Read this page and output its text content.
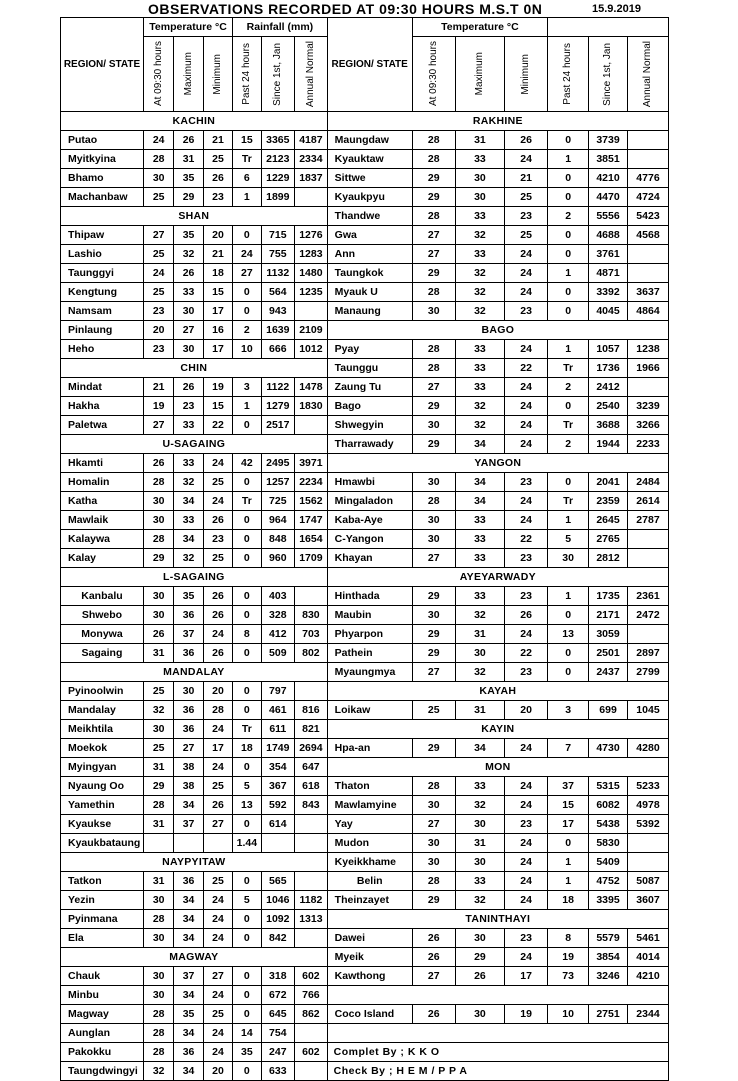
OBSERVATIONS RECORDED AT 09:30 HOURS M.S.T 0N	15.9.2019
REGION/ STATE	Temperature °C			Rainfall (mm)			REGION/ STATE	Temperature °C					

	At 09:30 hours	Maximum	Minimum	Past 24 hours	Since 1st, Jan	Annual Normal		At 09:30 hours	Maximum	Minimum	Past 24 hours	Since 1st, Jan	Annual Normal

KACHIN							RAKHINE						
Putao	24	26	21	15	3365	4187	Maungdaw	28	31	26	0	3739	
Myitkyina	28	31	25	Tr	2123	2334	Kyauktaw	28	33	24	1	3851	
Bhamo	30	35	26	6	1229	1837	Sittwe	29	30	21	0	4210	4776
Machanbaw	25	29	23	1	1899		Kyaukpyu	29	30	25	0	4470	4724
SHAN							Thandwe	28	33	23	2	5556	5423
Thipaw	27	35	20	0	715	1276	Gwa	27	32	25	0	4688	4568
Lashio	25	32	21	24	755	1283	Ann	27	33	24	0	3761	
Taunggyi	24	26	18	27	1132	1480	Taungkok	29	32	24	1	4871	
Kengtung	25	33	15	0	564	1235	Myauk U	28	32	24	0	3392	3637
Namsam	23	30	17	0	943		Manaung	30	32	23	0	4045	4864
Pinlaung	20	27	16	2	1639	2109	BAGO						
Heho	23	30	17	10	666	1012	Pyay	28	33	24	1	1057	1238
CHIN							Taunggu	28	33	22	Tr	1736	1966
Mindat	21	26	19	3	1122	1478	Zaung Tu	27	33	24	2	2412	
Hakha	19	23	15	1	1279	1830	Bago	29	32	24	0	2540	3239
Paletwa	27	33	22	0	2517		Shwegyin	30	32	24	Tr	3688	3266
U-SAGAING							Tharrawady	29	34	24	2	1944	2233
Hkamti	26	33	24	42	2495	3971	YANGON						
Homalin	28	32	25	0	1257	2234	Hmawbi	30	34	23	0	2041	2484
Katha	30	34	24	Tr	725	1562	Mingaladon	28	34	24	Tr	2359	2614
Mawlaik	30	33	26	0	964	1747	Kaba-Aye	30	33	24	1	2645	2787
Kalaywa	28	34	23	0	848	1654	C-Yangon	30	33	22	5	2765	
Kalay	29	32	25	0	960	1709	Khayan	27	33	23	30	2812	
L-SAGAING							AYEYARWADY						
Kanbalu	30	35	26	0	403		Hinthada	29	33	23	1	1735	2361
Shwebo	30	36	26	0	328	830	Maubin	30	32	26	0	2171	2472
Monywa	26	37	24	8	412	703	Phyarpon	29	31	24	13	3059	
Sagaing	31	36	26	0	509	802	Pathein	29	30	22	0	2501	2897
MANDALAY							Myaungmya	27	32	23	0	2437	2799
Pyinoolwin	25	30	20	0	797		KAYAH						
Mandalay	32	36	28	0	461	816	Loikaw	25	31	20	3	699	1045
Meikhtila	30	36	24	Tr	611	821	KAYIN						
Moekok	25	27	17	18	1749	2694	Hpa-an	29	34	24	7	4730	4280
Myingyan	31	38	24	0	354	647	MON						
Nyaung Oo	29	38	25	5	367	618	Thaton	28	33	24	37	5315	5233
Yamethin	28	34	26	13	592	843	Mawlamyine	30	32	24	15	6082	4978
Kyaukse	31	37	27	0	614		Yay	27	30	23	17	5438	5392
Kyaukbataung				1.44			Mudon	30	31	24	0	5830	
NAYPYITAW							Kyeikkhame	30	30	24	1	5409	
Tatkon	31	36	25	0	565		Belin	28	33	24	1	4752	5087
Yezin	30	34	24	5	1046	1182	Theinzayet	29	32	24	18	3395	3607
Pyinmana	28	34	24	0	1092	1313	TANINTHAYI						
Ela	30	34	24	0	842		Dawei	26	30	23	8	5579	5461
MAGWAY							Myeik	26	29	24	19	3854	4014
Chauk	30	37	27	0	318	602	Kawthong	27	26	17	73	3246	4210
Minbu	30	34	24	0	672	766							
Magway	28	35	25	0	645	862	Coco Island	26	30	19	10	2751	2344
Aunglan	28	34	24	14	754								
Pakokku	28	36	24	35	247	602	Complet By ; K K O						
Taungdwingyi	32	34	20	0	633		Check By ; H E M / P P A						
